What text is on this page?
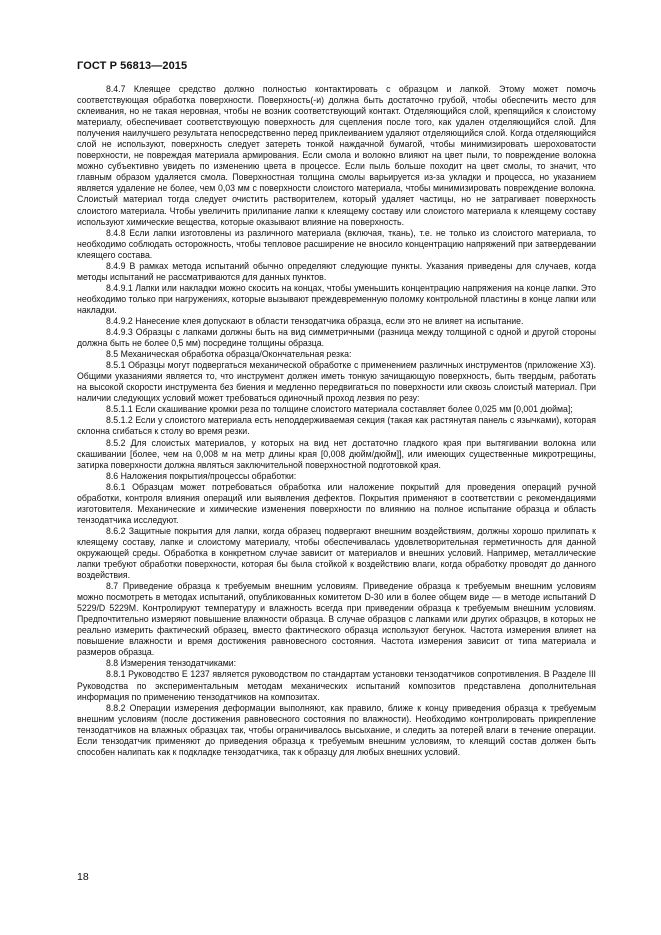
ГОСТ Р 56813—2015

8.4.7 Клеящее средство должно полностью контактировать с образцом и лапкой. Этому может помочь соответствующая обработка поверхности. Поверхность(-и) должна быть достаточно грубой, чтобы обеспечить место для склеивания, но не такая неровная, чтобы не возник соответствующий контакт. Отделяющийся слой, крепящийся к слоистому материалу, обеспечивает соответствующую поверхность для сцепления после того, как удален отделяющийся слой. Для получения наилучшего результата непосредственно перед приклеиванием удаляют отделяющийся слой. Когда отделяющийся слой не используют, поверхность следует затереть тонкой наждачной бумагой, чтобы минимизировать шероховатости поверхности, не повреждая материала армирования. Если смола и волокно влияют на цвет пыли, то повреждение волокна можно субъективно увидеть по изменению цвета в процессе. Если пыль больше походит на цвет смолы, то значит, что главным образом удаляется смола. Поверхностная толщина смолы варьируется из-за укладки и процесса, но указанием является удаление не более, чем 0,03 мм с поверхности слоистого материала, чтобы минимизировать повреждение волокна. Слоистый материал тогда следует очистить растворителем, который удаляет частицы, но не затрагивает поверхность слоистого материала. Чтобы увеличить прилипание лапки к клеящему составу или слоистого материала к клеящему составу используют химические вещества, которые оказывают влияние на поверхность.

8.4.8 Если лапки изготовлены из различного материала (включая, ткань), т.е. не только из слоистого материала, то необходимо соблюдать осторожность, чтобы тепловое расширение не вносило концентрацию напряжений при затвердевании клеящего состава.

8.4.9 В рамках метода испытаний обычно определяют следующие пункты. Указания приведены для случаев, когда методы испытаний не рассматриваются для данных пунктов.

8.4.9.1 Лапки или накладки можно скосить на концах, чтобы уменьшить концентрацию напряжения на конце лапки. Это необходимо только при нагружениях, которые вызывают преждевременную поломку контрольной пластины в конце лапки или накладки.

8.4.9.2 Нанесение клея допускают в области тензодатчика образца, если это не влияет на испытание.

8.4.9.3 Образцы с лапками должны быть на вид симметричными (разница между толщиной с одной и другой стороны должна быть не более 0,5 мм) посредине толщины образца.

8.5 Механическая обработка образца/Окончательная резка:

8.5.1 Образцы могут подвергаться механической обработке с применением различных инструментов (приложение X3). Общими указаниями является то, что инструмент должен иметь тонкую зачищающую поверхность, быть твердым, работать на высокой скорости инструмента без биения и медленно передвигаться по поверхности или сквозь слоистый материал. При наличии следующих условий может требоваться одиночный проход лезвия по резу:

8.5.1.1 Если скашивание кромки реза по толщине слоистого материала составляет более 0,025 мм [0,001 дюйма];

8.5.1.2 Если у слоистого материала есть неподдерживаемая секция (такая как растянутая панель с язычками), которая склонна сгибаться к столу во время резки.

8.5.2 Для слоистых материалов, у которых на вид нет достаточно гладкого края при вытягивании волокна или скашивании [более, чем на 0,008 м на метр длины края [0,008 дюйм/дюйм]], или имеющих существенные микротрещины, затирка поверхности должна являться заключительной поверхностной подготовкой края.

8.6 Наложения покрытия/процессы обработки:

8.6.1 Образцам может потребоваться обработка или наложение покрытий для проведения операций ручной обработки, контроля влияния операций или выявления дефектов. Покрытия применяют в соответствии с рекомендациями изготовителя. Механические и химические изменения поверхности по влиянию на полное испытание образца и область тензодатчика исследуют.

8.6.2 Защитные покрытия для лапки, когда образец подвергают внешним воздействиям, должны хорошо прилипать к клеящему составу, лапке и слоистому материалу, чтобы обеспечивалась удовлетворительная герметичность для данной окружающей среды. Обработка в конкретном случае зависит от материалов и внешних условий. Например, металлические лапки требуют обработки поверхности, которая бы была стойкой к воздействию влаги, когда обработку проводят до данного воздействия.

8.7 Приведение образца к требуемым внешним условиям. Приведение образца к требуемым внешним условиям можно посмотреть в методах испытаний, опубликованных комитетом D-30 или в более общем виде — в методе испытаний D 5229/D 5229M. Контролируют температуру и влажность всегда при приведении образца к требуемым внешним условиям. Предпочтительно измеряют повышение влажности образца. В случае образцов с лапками или других образцов, в которых не реально измерить фактический образец, вместо фактического образца используют бегунок. Частота измерения влияет на повышение влажности и время достижения равновесного состояния. Частота измерения зависит от типа материала и размеров образца.

8.8 Измерения тензодатчиками:

8.8.1 Руководство Е 1237 является руководством по стандартам установки тензодатчиков сопротивления. В Разделе III Руководства по экспериментальным методам механических испытаний композитов представлена дополнительная информация по применению тензодатчиков на композитах.

8.8.2 Операции измерения деформации выполняют, как правило, ближе к концу приведения образца к требуемым внешним условиям (после достижения равновесного состояния по влажности). Необходимо контролировать прикрепление тензодатчиков на влажных образцах так, чтобы ограничивалось высыхание, и следить за потерей влаги в течение операции. Если тензодатчик применяют до приведения образца к требуемым внешним условиям, то клеящий состав должен быть способен налипать как к подкладке тензодатчика, так к образцу для любых внешних условий.

18
